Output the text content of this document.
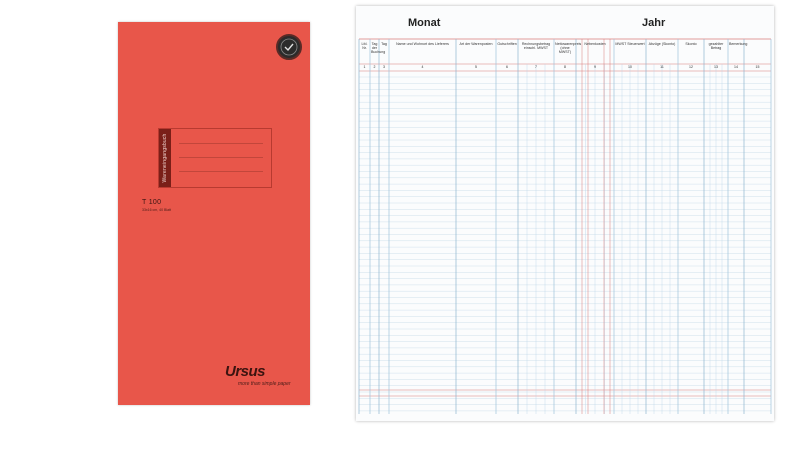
Wareneingangsbuch
T 100
33x16 cm, 40 Blatt
Ursus
more than simple paper
Monat	Jahr
Lfd. Nr.
1
Tag der Buchung
2
Tag
3
Name und Wohnort des Lieferers
4
Art der Warenposten
5
Gutschriften
6
Rechnungsbetrag einschl. MWST
7
Nettowarenpreis (ohne MWST)
8
Nebenkosten
9
MWST Steuerwert
10
Abzüge (Skonto)
11
Skonto
12
gezahlter Betrag
13
Bemerkung
14	15
